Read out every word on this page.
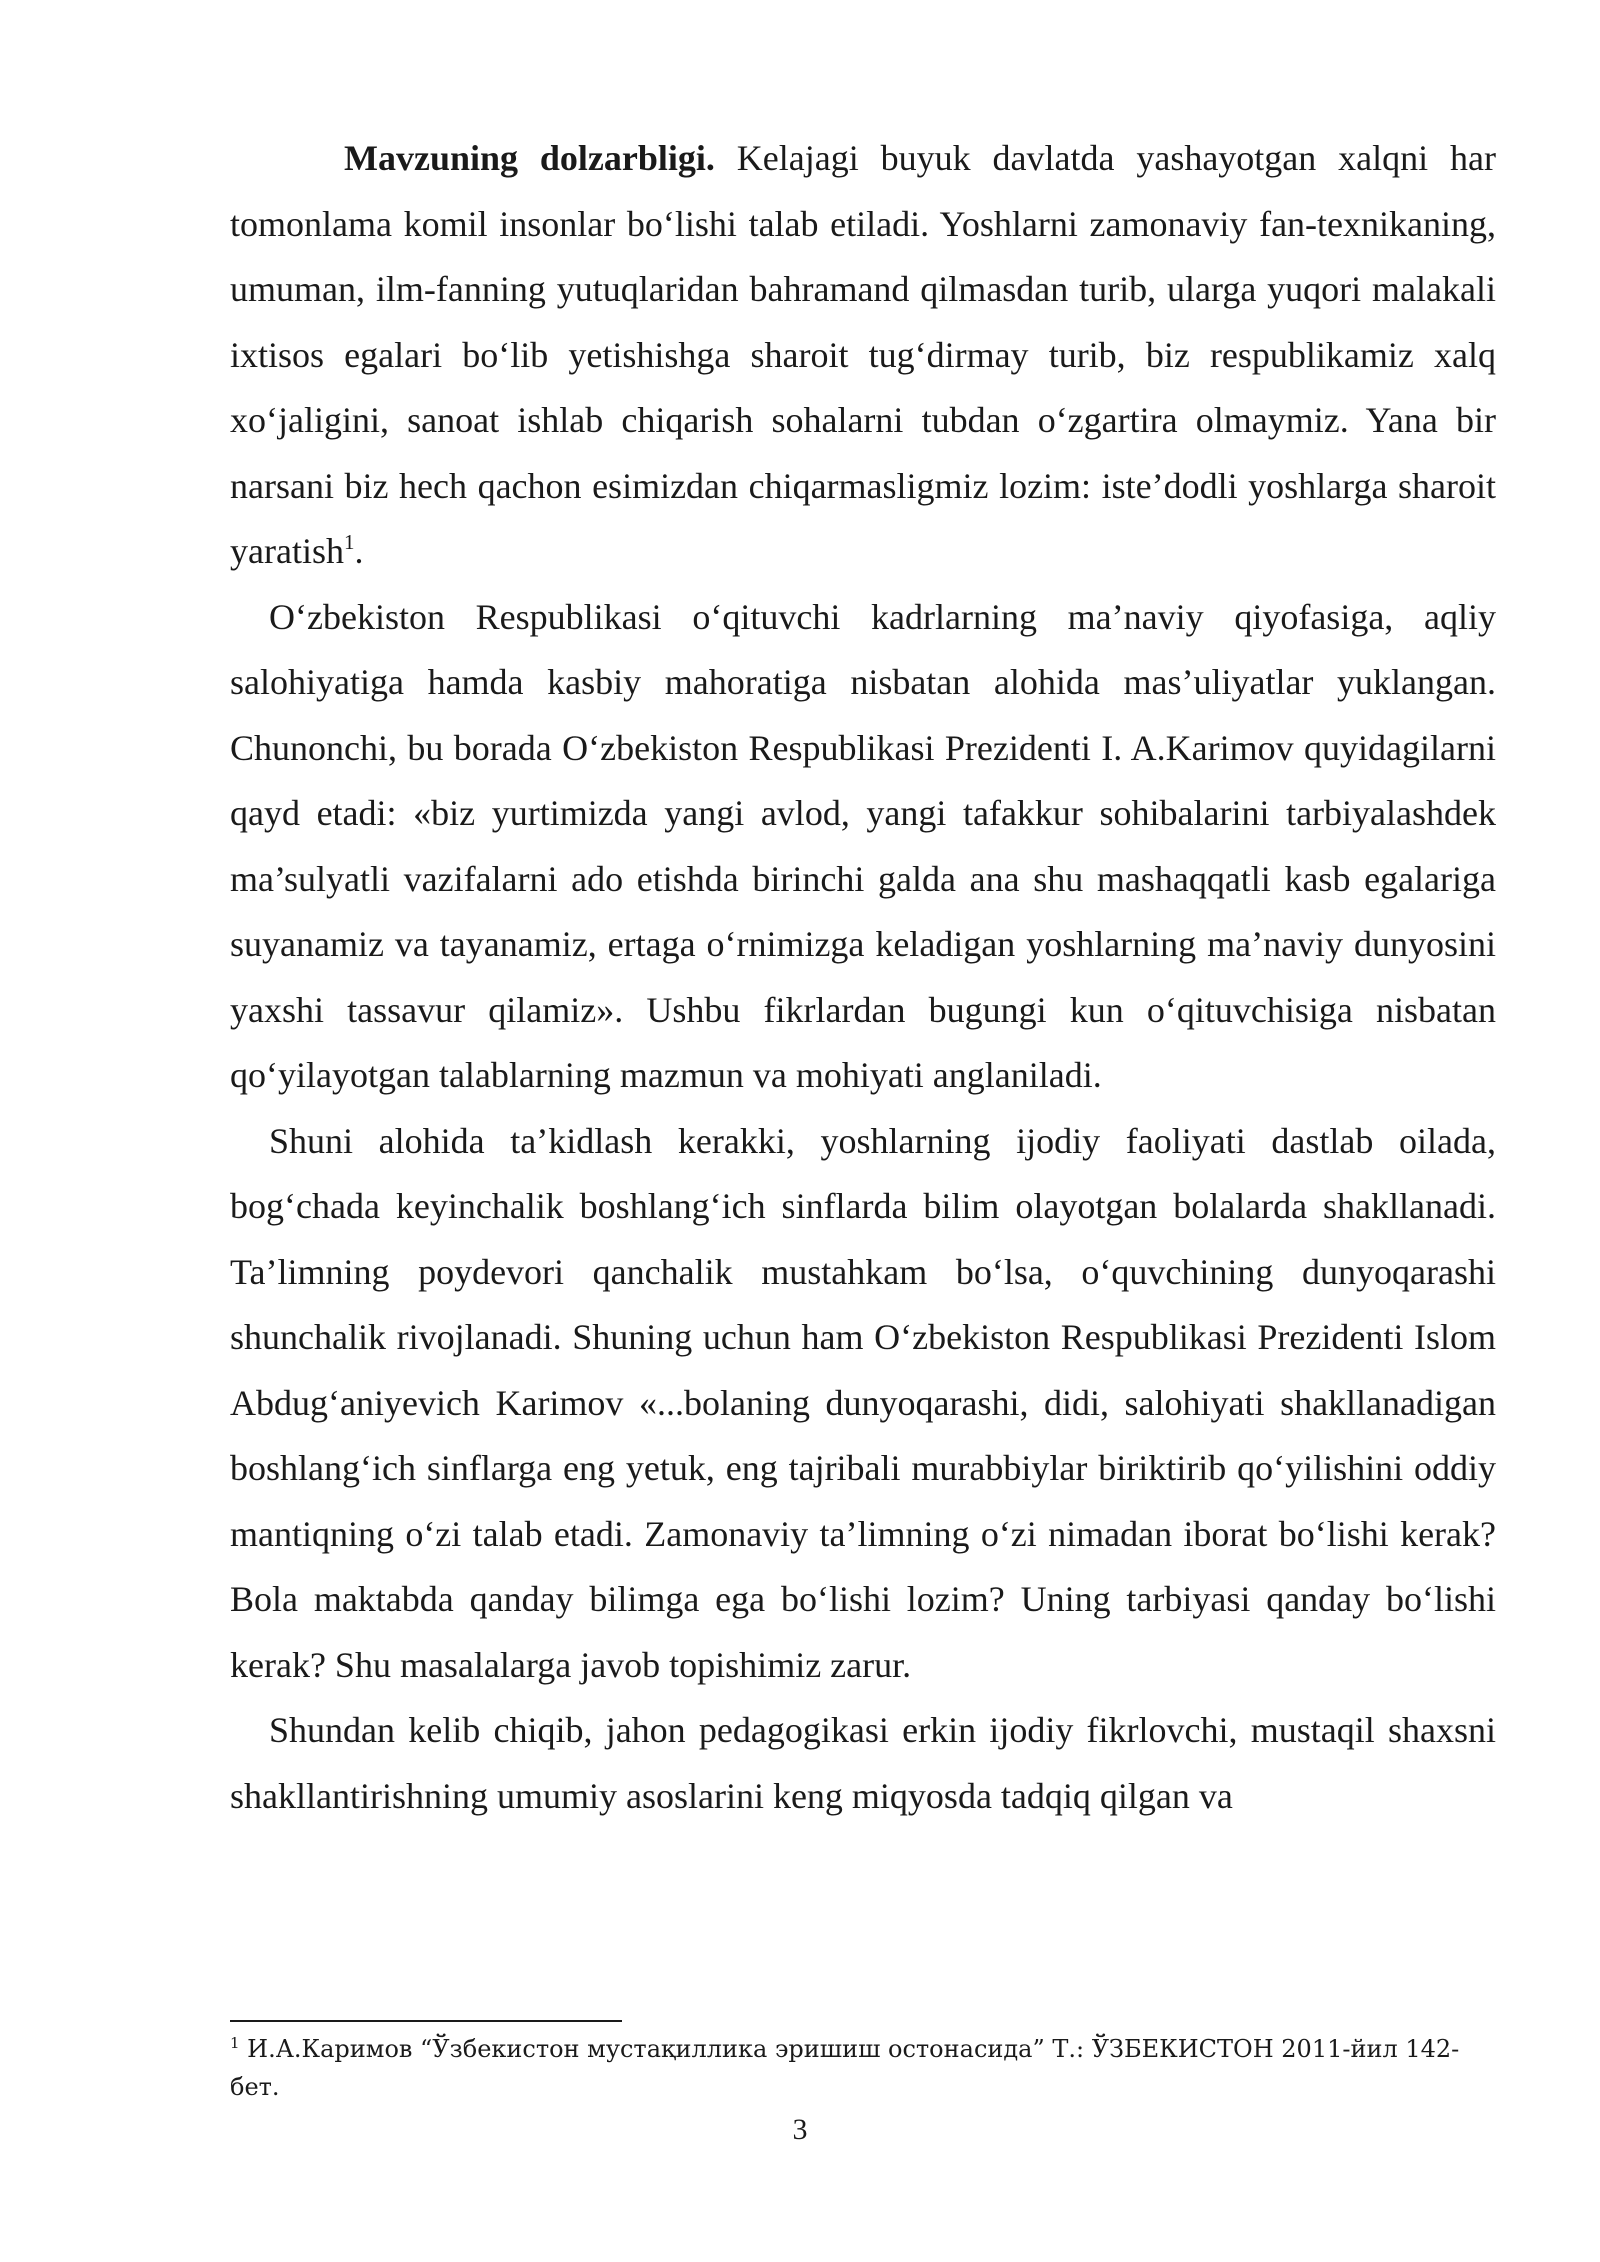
Mavzuning dolzarbligi. Kelajagi buyuk davlatda yashayotgan xalqni har tomonlama komil insonlar bo‘lishi talab etiladi. Yoshlarni zamonaviy fan-texnikaning, umuman, ilm-fanning yutuqlaridan bahramand qilmasdan turib, ularga yuqori malakali ixtisos egalari bo‘lib yetishishga sharoit tug‘dirmay turib, biz respublikamiz xalq xo‘jaligini, sanoat ishlab chiqarish sohalarni tubdan o‘zgartira olmaymiz. Yana bir narsani biz hech qachon esimizdan chiqarmasligmiz lozim: iste’dodli yoshlarga sharoit yaratish$^1$.

O‘zbekiston Respublikasi o‘qituvchi kadrlarning ma’naviy qiyofasiga, aqliy salohiyatiga hamda kasbiy mahoratiga nisbatan alohida mas’uliyatlar yuklangan. Chunonchi, bu borada O‘zbekiston Respublikasi Prezidenti I. A.Karimov quyidagilarni qayd etadi: «biz yurtimizda yangi avlod, yangi tafakkur sohibalarini tarbiyalashdek ma’sulyatli vazifalarni ado etishda birinchi galda ana shu mashaqqatli kasb egalariga suyanamiz va tayanamiz, ertaga o‘rnimizga keladigan yoshlarning ma’naviy dunyosini yaxshi tassavur qilamiz». Ushbu fikrlardan bugungi kun o‘qituvchisiga nisbatan qo‘yilayotgan talablarning mazmun va mohiyati anglaniladi.

Shuni alohida ta’kidlash kerakki, yoshlarning ijodiy faoliyati dastlab oilada, bog‘chada keyinchalik boshlang‘ich sinflarda bilim olayotgan bolalarda shakllanadi. Ta’limning poydevori qanchalik mustahkam bo‘lsa, o‘quvchining dunyoqarashi shunchalik rivojlanadi. Shuning uchun ham O‘zbekiston Respublikasi Prezidenti Islom Abdug‘aniyevich Karimov «...bolaning dunyoqarashi, didi, salohiyati shakllanadigan boshlang‘ich sinflarga eng yetuk, eng tajribali murabbiylar biriktirib qo‘yilishini oddiy mantiqning o‘zi talab etadi. Zamonaviy ta’limning o‘zi nimadan iborat bo‘lishi kerak? Bola maktabda qanday bilimga ega bo‘lishi lozim? Uning tarbiyasi qanday bo‘lishi kerak? Shu masalalarga javob topishimiz zarur.

Shundan kelib chiqib, jahon pedagogikasi erkin ijodiy fikrlovchi, mustaqil shaxsni shakllantirishning umumiy asoslarini keng miqyosda tadqiq qilgan va

$^1$ И.А.Каримов “Ўзбекистон мустақиллика эришиш остонасида” Т.: ЎЗБЕКИСТОН 2011-йил 142-бет.

3
